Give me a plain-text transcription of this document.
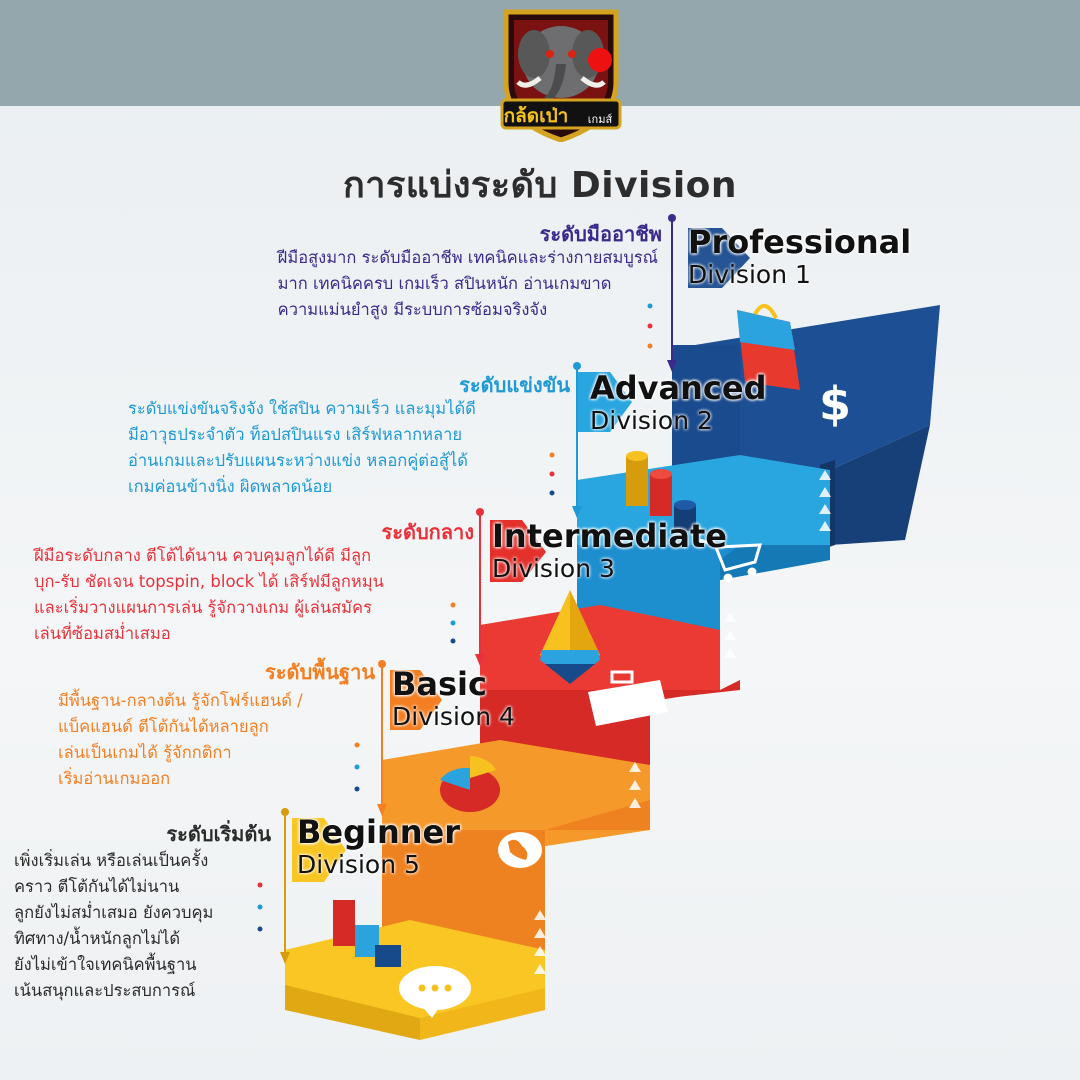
กล้ดเป่า เกมส์
การแบ่งระดับ Division
$
ระดับมืออาชีพ
ฝีมือสูงมาก ระดับมืออาชีพ เทคนิคและร่างกายสมบูรณ์
มาก เทคนิคครบ เกมเร็ว สปินหนัก อ่านเกมขาด
ความแม่นยำสูง มีระบบการซ้อมจริงจัง
Professional
Division 1
ระดับแข่งขัน
ระดับแข่งขันจริงจัง ใช้สปิน ความเร็ว และมุมได้ดี
มีอาวุธประจำตัว ท็อปสปินแรง เสิร์ฟหลากหลาย
อ่านเกมและปรับแผนระหว่างแข่ง หลอกคู่ต่อสู้ได้
เกมค่อนข้างนิ่ง ผิดพลาดน้อย
Advanced
Division 2
ระดับกลาง
ฝีมือระดับกลาง ตีโต้ได้นาน ควบคุมลูกได้ดี มีลูก
บุก-รับ ชัดเจน topspin, block ได้ เสิร์ฟมีลูกหมุน
และเริ่มวางแผนการเล่น รู้จักวางเกม ผู้เล่นสมัคร
เล่นที่ซ้อมสม่ำเสมอ
Intermediate
Division 3
ระดับพื้นฐาน
มีพื้นฐาน-กลางต้น รู้จักโฟร์แฮนด์ /
แบ็คแฮนด์ ตีโต้กันได้หลายลูก
เล่นเป็นเกมได้ รู้จักกติกา
เริ่มอ่านเกมออก
Basic
Division 4
ระดับเริ่มต้น
เพิ่งเริ่มเล่น หรือเล่นเป็นครั้ง
คราว ตีโต้กันได้ไม่นาน
ลูกยังไม่สม่ำเสมอ ยังควบคุม
ทิศทาง/น้ำหนักลูกไม่ได้
ยังไม่เข้าใจเทคนิคพื้นฐาน
เน้นสนุกและประสบการณ์
Beginner
Division 5
